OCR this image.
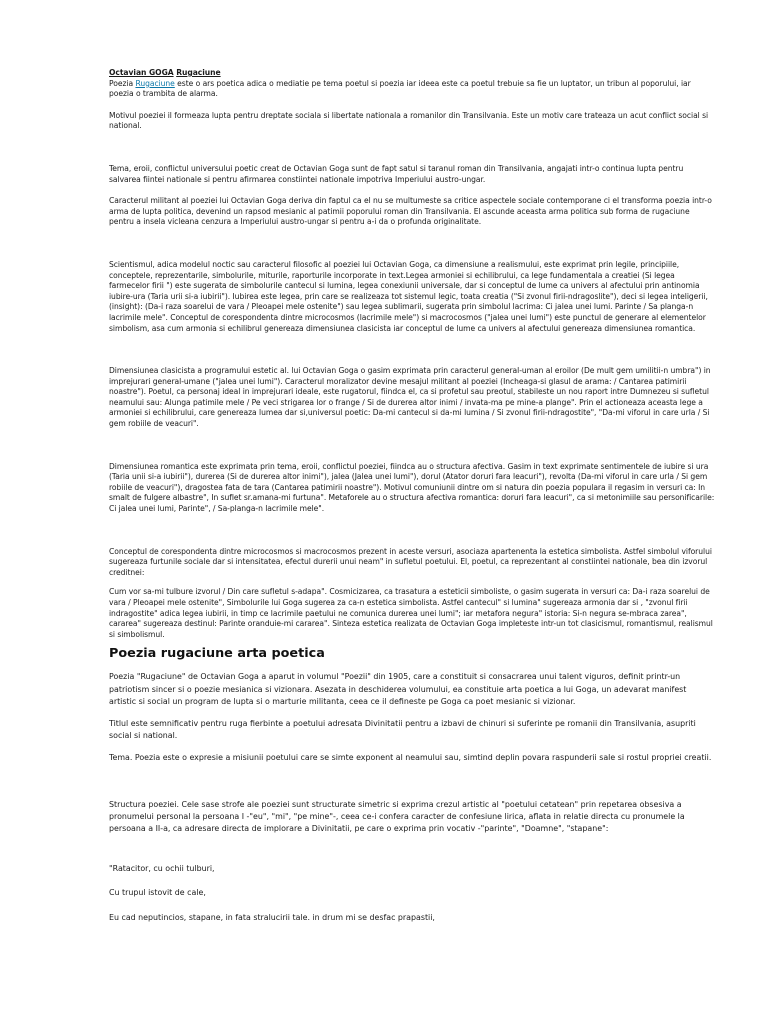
Octavian GOGA Rugaciune

Poezia Rugaciune este o ars poetica adica o mediatie pe tema poetul si poezia iar ideea este ca poetul trebuie sa fie un luptator, un tribun al poporului, iar poezia o trambita de alarma.

Motivul poeziei il formeaza lupta pentru dreptate sociala si libertate nationala a romanilor din Transilvania. Este un motiv care trateaza un acut conflict social si national.

Tema, eroii, conflictul universului poetic creat de Octavian Goga sunt de fapt satul si taranul roman din Transilvania, angajati intr-o continua lupta pentru salvarea fiintei nationale si pentru afirmarea constiintei nationale impotriva Imperiului austro-ungar.

Caracterul militant al poeziei lui Octavian Goga deriva din faptul ca el nu se multumeste sa critice aspectele sociale contemporane ci el transforma poezia intr-o arma de lupta politica, devenind un rapsod mesianic al patimii poporului roman din Transilvania. El ascunde aceasta arma politica sub forma de rugaciune pentru a insela vicleana cenzura a Imperiului austro-ungar si pentru a-i da o profunda originalitate.

Scientismul, adica modelul noctic sau caracterul filosofic al poeziei lui Octavian Goga, ca dimensiune a realismului, este exprimat prin legile, principiile, conceptele, reprezentarile, simbolurile, miturile, raporturile incorporate in text.Legea armoniei si echilibrului, ca lege fundamentala a creatiei (Si legea farmecelor firii ") este sugerata de simbolurile cantecul si lumina, legea conexiunii universale, dar si conceptul de lume ca univers al afectului prin antinomia iubire-ura (Taria urii si-a iubirii"). Iubirea este legea, prin care se realizeaza tot sistemul legic, toata creatia ("Si zvonul firii-ndragoslite"), deci si legea inteligerii, (insight): (Da-i raza soarelui de vara / Pleoapei mele ostenite") sau legea sublimarii, sugerata prin simbolul lacrima: Ci jalea unei lumi. Parinte / Sa planga-n lacrimile mele". Conceptul de corespondenta dintre microcosmos (lacrimile mele") si macrocosmos ("jalea unei lumi") este punctul de generare al elementelor simbolism, asa cum armonia si echilibrul genereaza dimensiunea clasicista iar conceptul de lume ca univers al afectului genereaza dimensiunea romantica.

Dimensiunea clasicista a programului estetic al. lui Octavian Goga o gasim exprimata prin caracterul general-uman al eroilor (De mult gem umilitii-n umbra") in imprejurari general-umane ("jalea unei lumi"). Caracterul moralizator devine mesajul militant al poeziei (Incheaga-si glasul de arama: / Cantarea patimirii noastre"). Poetul, ca personaj ideal in imprejurari ideale, este rugatorul, fiindca el, ca si profetul sau preotul, stabileste un nou raport intre Dumnezeu si sufletul neamului sau: Alunga patimile mele / Pe veci strigarea lor o frange / Si de durerea altor inimi / invata-ma pe mine-a plange". Prin el actioneaza aceasta lege a armoniei si echilibrului, care genereaza lumea dar si,universul poetic: Da-mi cantecul si da-mi lumina / Si zvonul firii-ndragostite", "Da-mi viforul in care urla / Si gem robiile de veacuri".

Dimensiunea romantica este exprimata prin tema, eroii, conflictul poeziei, fiindca au o structura afectiva. Gasim in text exprimate sentimentele de iubire si ura (Taria unii si-a iubirii"), durerea (Si de durerea altor inimi"), jalea (Jalea unei lumi"), dorul (Atator doruri fara leacuri"), revolta (Da-mi viforul in care urla / Si gem robiile de veacuri"), dragostea fata de tara (Cantarea patimirii noastre"). Motivul comuniunii dintre om si natura din poezia populara il regasim in versuri ca: In smalt de fulgere albastre", In suflet sr.amana-mi furtuna". Metaforele au o structura afectiva romantica: doruri fara leacuri", ca si metonimiile sau personificarile: Ci jalea unei lumi, Parinte", / Sa-planga-n lacrimile mele".

Conceptul de corespondenta dintre microcosmos si macrocosmos prezent in aceste versuri, asociaza apartenenta la estetica simbolista. Astfel simbolul viforului sugereaza furtunile sociale dar si intensitatea, efectul durerii unui neam" in sufletul poetului. El, poetul, ca reprezentant al constiintei nationale, bea din izvorul creditnei:

Cum vor sa-mi tulbure izvorul / Din care sufletul s-adapa". Cosmicizarea, ca trasatura a esteticii simboliste, o gasim sugerata in versuri ca: Da-i raza soarelui de vara / Pleoapei mele ostenite", Simbolurile lui Goga sugerea za ca-n estetica simbolista. Astfel cantecul" si lumina" sugereaza armonia dar si , "zvonul firii indragostite" adica legea iubirii, in timp ce lacrimile paetului ne comunica durerea unei lumi"; iar metafora negura" istoria: Si-n negura se-mbraca zarea", cararea" sugereaza destinul: Parinte oranduie-mi cararea". Sinteza estetica realizata de Octavian Goga impleteste intr-un tot clasicismul, romantismul, realismul si simbolismul.

Poezia rugaciune arta poetica

Poezia "Rugaciune" de Octavian Goga a aparut in volumul "Poezii" din 1905, care a constituit si consacrarea unui talent viguros, definit printr-un patriotism sincer si o poezie mesianica si vizionara. Asezata in deschiderea volumului, ea constituie arta poetica a lui Goga, un adevarat manifest artistic si social un program de lupta si o marturie militanta, ceea ce il defineste pe Goga ca poet mesianic si vizionar.

Titlul este semnificativ pentru ruga fierbinte a poetului adresata Divinitatii pentru a izbavi de chinuri si suferinte pe romanii din Transilvania, asupriti social si national.

Tema. Poezia este o expresie a misiunii poetului care se simte exponent al neamului sau, simtind deplin povara raspunderii sale si rostul propriei creatii.

Structura poeziei. Cele sase strofe ale poeziei sunt structurate simetric si exprima crezul artistic al "poetului cetatean" prin repetarea obsesiva a pronumelui personal la persoana I -"eu", "mi", "pe mine"-, ceea ce-i confera caracter de confesiune lirica, aflata in relatie directa cu pronumele la persoana a II-a, ca adresare directa de implorare a Divinitatii, pe care o exprima prin vocativ -"parinte", "Doamne", "stapane":

"Ratacitor, cu ochii tulburi,

Cu trupul istovit de cale,

Eu cad neputincios, stapane, in fata stralucirii tale. in drum mi se desfac prapastii,
